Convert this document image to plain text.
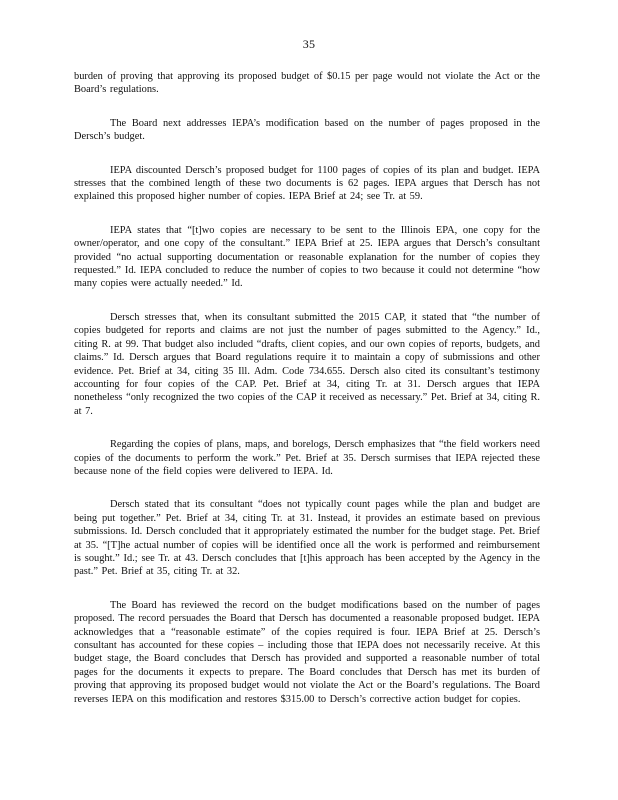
35

burden of proving that approving its proposed budget of $0.15 per page would not violate the Act or the Board’s regulations.

The Board next addresses IEPA’s modification based on the number of pages proposed in the Dersch’s budget.

IEPA discounted Dersch’s proposed budget for 1100 pages of copies of its plan and budget. IEPA stresses that the combined length of these two documents is 62 pages. IEPA argues that Dersch has not explained this proposed higher number of copies. IEPA Brief at 24; see Tr. at 59.

IEPA states that “[t]wo copies are necessary to be sent to the Illinois EPA, one copy for the owner/operator, and one copy of the consultant.” IEPA Brief at 25. IEPA argues that Dersch’s consultant provided “no actual supporting documentation or reasonable explanation for the number of copies they requested.” Id. IEPA concluded to reduce the number of copies to two because it could not determine “how many copies were actually needed.” Id.

Dersch stresses that, when its consultant submitted the 2015 CAP, it stated that “the number of copies budgeted for reports and claims are not just the number of pages submitted to the Agency.” Id., citing R. at 99. That budget also included “drafts, client copies, and our own copies of reports, budgets, and claims.” Id. Dersch argues that Board regulations require it to maintain a copy of submissions and other evidence. Pet. Brief at 34, citing 35 Ill. Adm. Code 734.655. Dersch also cited its consultant’s testimony accounting for four copies of the CAP. Pet. Brief at 34, citing Tr. at 31. Dersch argues that IEPA nonetheless “only recognized the two copies of the CAP it received as necessary.” Pet. Brief at 34, citing R. at 7.

Regarding the copies of plans, maps, and borelogs, Dersch emphasizes that “the field workers need copies of the documents to perform the work.” Pet. Brief at 35. Dersch surmises that IEPA rejected these because none of the field copies were delivered to IEPA. Id.

Dersch stated that its consultant “does not typically count pages while the plan and budget are being put together.” Pet. Brief at 34, citing Tr. at 31. Instead, it provides an estimate based on previous submissions. Id. Dersch concluded that it appropriately estimated the number for the budget stage. Pet. Brief at 35. “[T]he actual number of copies will be identified once all the work is performed and reimbursement is sought.” Id.; see Tr. at 43. Dersch concludes that [t]his approach has been accepted by the Agency in the past.” Pet. Brief at 35, citing Tr. at 32.

The Board has reviewed the record on the budget modifications based on the number of pages proposed. The record persuades the Board that Dersch has documented a reasonable proposed budget. IEPA acknowledges that a “reasonable estimate” of the copies required is four. IEPA Brief at 25. Dersch’s consultant has accounted for these copies – including those that IEPA does not necessarily receive. At this budget stage, the Board concludes that Dersch has provided and supported a reasonable number of total pages for the documents it expects to prepare. The Board concludes that Dersch has met its burden of proving that approving its proposed budget would not violate the Act or the Board’s regulations. The Board reverses IEPA on this modification and restores $315.00 to Dersch’s corrective action budget for copies.
